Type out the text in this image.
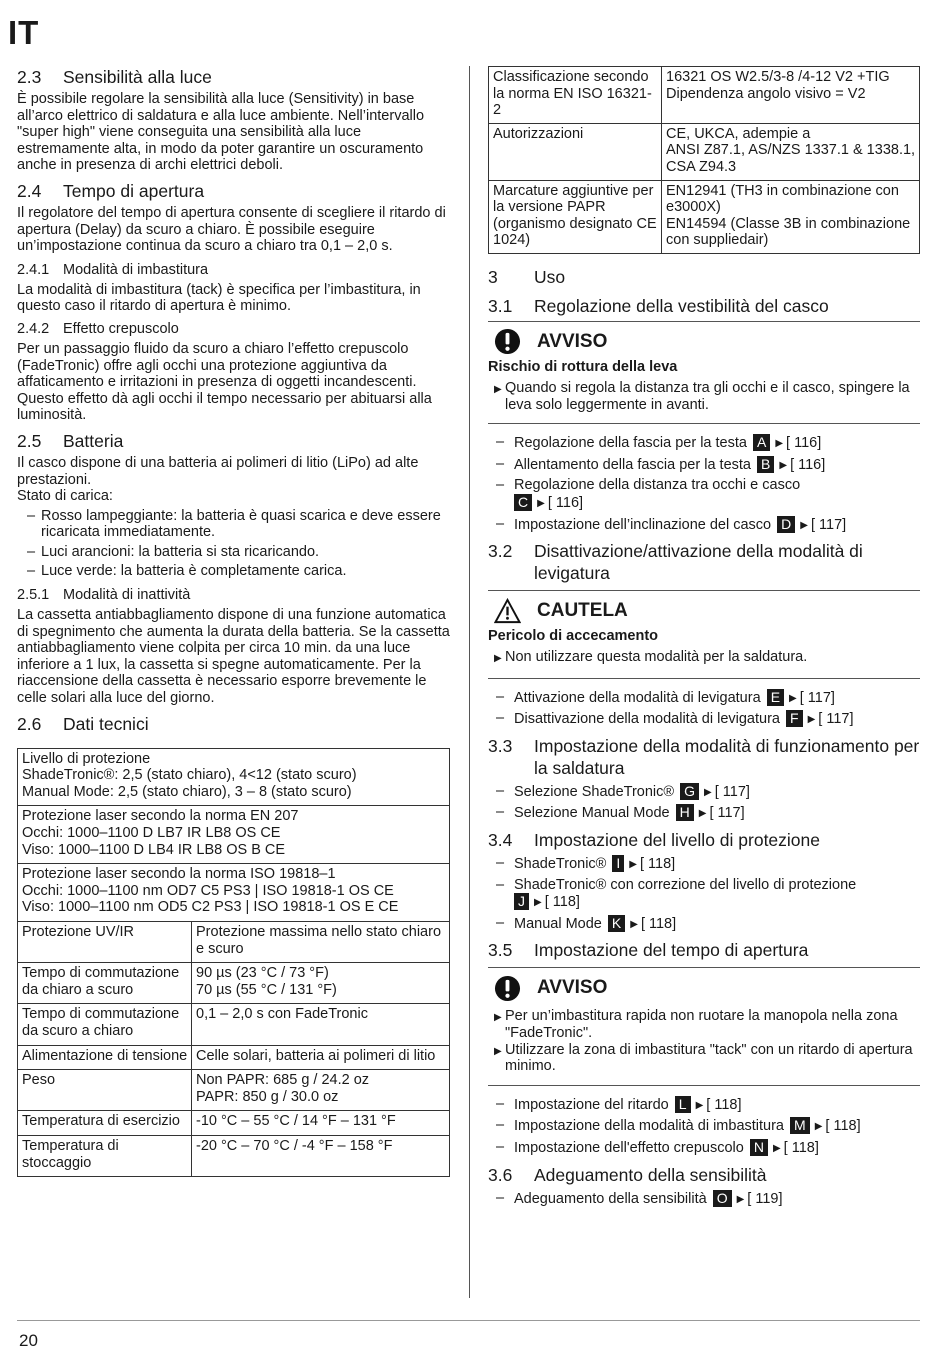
IT
2.3	Sensibilità alla luce

È possibile regolare la sensibilità alla luce (Sensitivity) in base all’arco elettrico di saldatura e alla luce ambiente. Nell’intervallo "super high" viene conseguita una sensibilità alla luce estremamente alta, in modo da poter garantire un oscuramento anche in presenza di archi elettrici deboli.

2.4	Tempo di apertura

Il regolatore del tempo di apertura consente di scegliere il ritardo di apertura (Delay) da scuro a chiaro. È possibile eseguire un’impostazione continua da scuro a chiaro tra 0,1 – 2,0 s.

2.4.1 Modalità di imbastitura

La modalità di imbastitura (tack) è specifica per l’imbastitura, in questo caso il ritardo di apertura è minimo.

2.4.2 Effetto crepuscolo

Per un passaggio fluido da scuro a chiaro l’effetto crepuscolo (FadeTronic) offre agli occhi una protezione aggiuntiva da affaticamento e irritazioni in presenza di oggetti incandescenti. Questo effetto dà agli occhi il tempo necessario per abituarsi alla luminosità.

2.5	Batteria

Il casco dispone di una batteria ai polimeri di litio (LiPo) ad alte prestazioni.

Stato di carica:

– Rosso lampeggiante: la batteria è quasi scarica e deve essere ricaricata immediatamente.
– Luci arancioni: la batteria si sta ricaricando.
– Luce verde: la batteria è completamente carica.
2.5.1 Modalità di inattività

La cassetta antiabbagliamento dispone di una funzione automatica di spegnimento che aumenta la durata della batteria. Se la cassetta antiabbagliamento viene colpita per circa 10 min. da una luce inferiore a 1 lux, la cassetta si spegne automaticamente. Per la riaccensione della cassetta è necessario esporre brevemente le celle solari alla luce del giorno.

2.6	Dati tecnici
Livello di protezione
ShadeTronic®: 2,5 (stato chiaro), 4<12 (stato scuro)
Manual Mode: 2,5 (stato chiaro), 3 – 8 (stato scuro)	

Protezione laser secondo la norma EN 207
Occhi: 1000–1100 D LB7 IR LB8 OS CE
Viso: 1000–1100 D LB4 IR LB8 OS B CE	

Protezione laser secondo la norma ISO 19818–1
Occhi: 1000–1100 nm OD7 C5 PS3 | ISO 19818-1 OS CE
Viso: 1000–1100 nm OD5 C2 PS3 | ISO 19818-1 OS E CE	

Protezione UV/IR	Protezione massima nello stato chiaro e scuro
Tempo di commutazione da chiaro a scuro	90 µs (23 °C / 73 °F)
70 µs (55 °C / 131 °F)
Tempo di commutazione da scuro a chiaro	0,1 – 2,0 s con FadeTronic
Alimentazione di tensione	Celle solari, batteria ai polimeri di litio
Peso	Non PAPR: 685 g / 24.2 oz
PAPR: 850 g / 30.0 oz
Temperatura di esercizio	-10 °C – 55 °C / 14 °F – 131 °F
Temperatura di stoccaggio	-20 °C – 70 °C / -4 °F – 158 °F
Classificazione secondo la norma EN ISO 16321-2	16321 OS W2.5/3-8 /4-12 V2 +TIG
Dipendenza angolo visivo = V2
Autorizzazioni	CE, UKCA, adempie a
ANSI Z87.1, AS/NZS 1337.1 & 1338.1, CSA Z94.3
Marcature aggiuntive per la versione PAPR (organismo designato CE 1024)	EN12941 (TH3 in combinazione con e3000X)
EN14594 (Classe 3B in combinazione con suppliedair)
3	Uso
3.1	Regolazione della vestibilità del casco
AVVISO
Rischio di rottura della leva
▶ Quando si regola la distanza tra gli occhi e il casco, spingere la leva solo leggermente in avanti.
– Regolazione della fascia per la testa A ▶ [ 116]
– Allentamento della fascia per la testa B ▶ [ 116]
– Regolazione della distanza tra occhi e casco
C ▶ [ 116]
– Impostazione dell’inclinazione del casco D ▶ [ 117]
3.2	Disattivazione/attivazione della modalità di levigatura
CAUTELA
Pericolo di accecamento
▶ Non utilizzare questa modalità per la saldatura.
– Attivazione della modalità di levigatura E ▶ [ 117]
– Disattivazione della modalità di levigatura F ▶ [ 117]
3.3	Impostazione della modalità di funzionamento per la saldatura
– Selezione ShadeTronic® G ▶ [ 117]
– Selezione Manual Mode H ▶ [ 117]
3.4	Impostazione del livello di protezione
– ShadeTronic® I ▶ [ 118]
– ShadeTronic® con correzione del livello di protezione
J ▶ [ 118]
– Manual Mode K ▶ [ 118]
3.5	Impostazione del tempo di apertura
AVVISO
▶ Per un’imbastitura rapida non ruotare la manopola nella zona "FadeTronic".
▶ Utilizzare la zona di imbastitura "tack" con un ritardo di apertura minimo.
– Impostazione del ritardo L ▶ [ 118]
– Impostazione della modalità di imbastitura M ▶ [ 118]
– Impostazione dell'effetto crepuscolo N ▶ [ 118]
3.6	Adeguamento della sensibilità
– Adeguamento della sensibilità O ▶ [ 119]
20
